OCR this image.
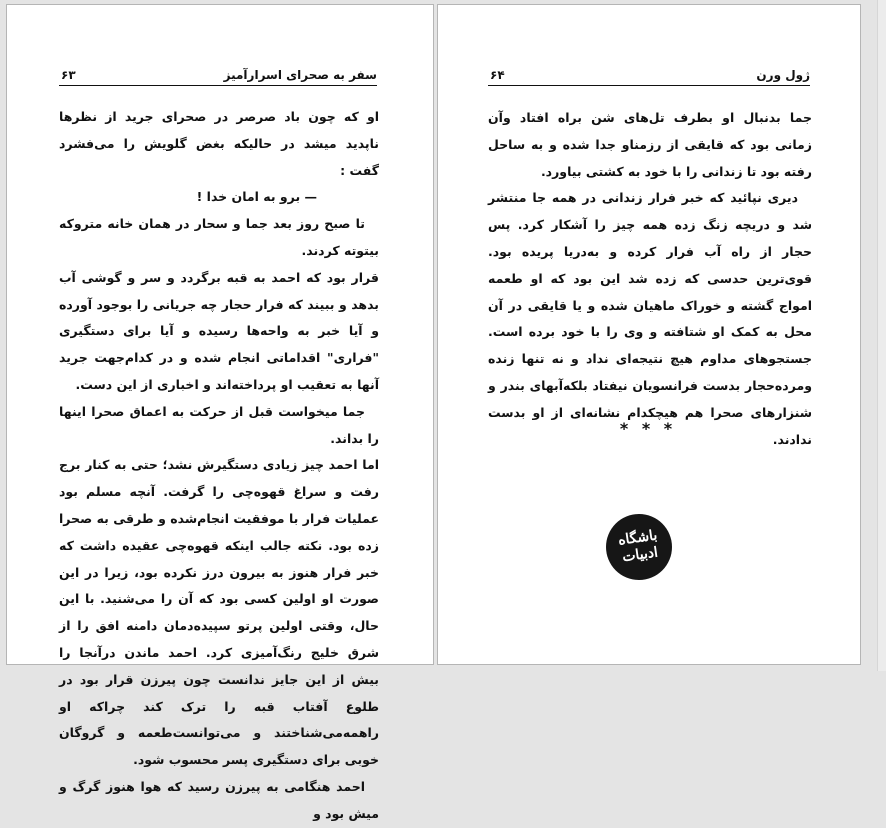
سفر به صحرای اسرارآمیز
۶۳

او که چون باد صرصر در صحرای جرید از نظرها ناپدید میشد در حالیکه بغض گلویش را می‌فشرد گفت :

— برو به امان خدا !

تا صبح روز بعد جما و سحار در همان خانه متروکه بیتوته کردند.

قرار بود که احمد به قبه برگردد و سر و گوشی آب بدهد و ببیند که فرار حجار چه جریانی را بوجود آورده و آیا خبر به واحه‌ها رسیده و آیا برای دستگیری "فراری" اقداماتی انجام شده و در کدام‌جهت جرید آنها به تعقیب او پرداخته‌اند و اخباری از این دست.

جما میخواست قبل از حرکت به اعماق صحرا اینها را بداند.

اما احمد چیز زیادی دستگیرش نشد؛ حتی به کنار برج رفت و سراغ قهوه‌چی را گرفت. آنچه مسلم بود عملیات فرار با موفقیت انجام‌شده و طرقی به صحرا زده بود. نکته جالب اینکه قهوه‌چی عقیده داشت که خبر فرار هنوز به بیرون درز نکرده بود، زیرا در این صورت او اولین کسی بود که آن را می‌شنید. با این حال، وقتی اولین پرتو سپیده‌دمان دامنه افق را از شرق خلیج رنگ‌آمیزی کرد. احمد ماندن درآنجا را بیش از این جایز ندانست چون پیرزن قرار بود در طلوع آفتاب قبه را ترک کند چراکه او راهمه‌می‌شناختند و می‌توانست‌طعمه و گروگان خوبی برای دستگیری پسر محسوب شود.

احمد هنگامی به پیرزن رسید که هوا هنوز گرگ و میش بود و

ژول ورن
۶۴

جما بدنبال او بطرف تل‌های شن براه افتاد وآن زمانی بود که قایقی از رزمناو جدا شده و به ساحل رفته بود تا زندانی را با خود به کشتی بیاورد.

دیری نپائید که خبر فرار زندانی در همه جا منتشر شد و دریچه زنگ زده همه چیز را آشکار کرد. پس حجار از راه آب فرار کرده و به‌دریا پریده بود. قوی‌ترین حدسی که زده شد این بود که او طعمه امواج گشته و خوراک ماهیان شده و یا قایقی در آن محل به کمک او شتافته و وی را با خود برده است. جستجوهای مداوم هیچ نتیجه‌ای نداد و نه تنها زنده ومرده‌حجار بدست فرانسویان نیفتاد بلکه‌آبهای بندر و شنزارهای صحرا هم هیچکدام نشانه‌ای از او بدست ندادند.

* * *
باشگاه ادبیات
